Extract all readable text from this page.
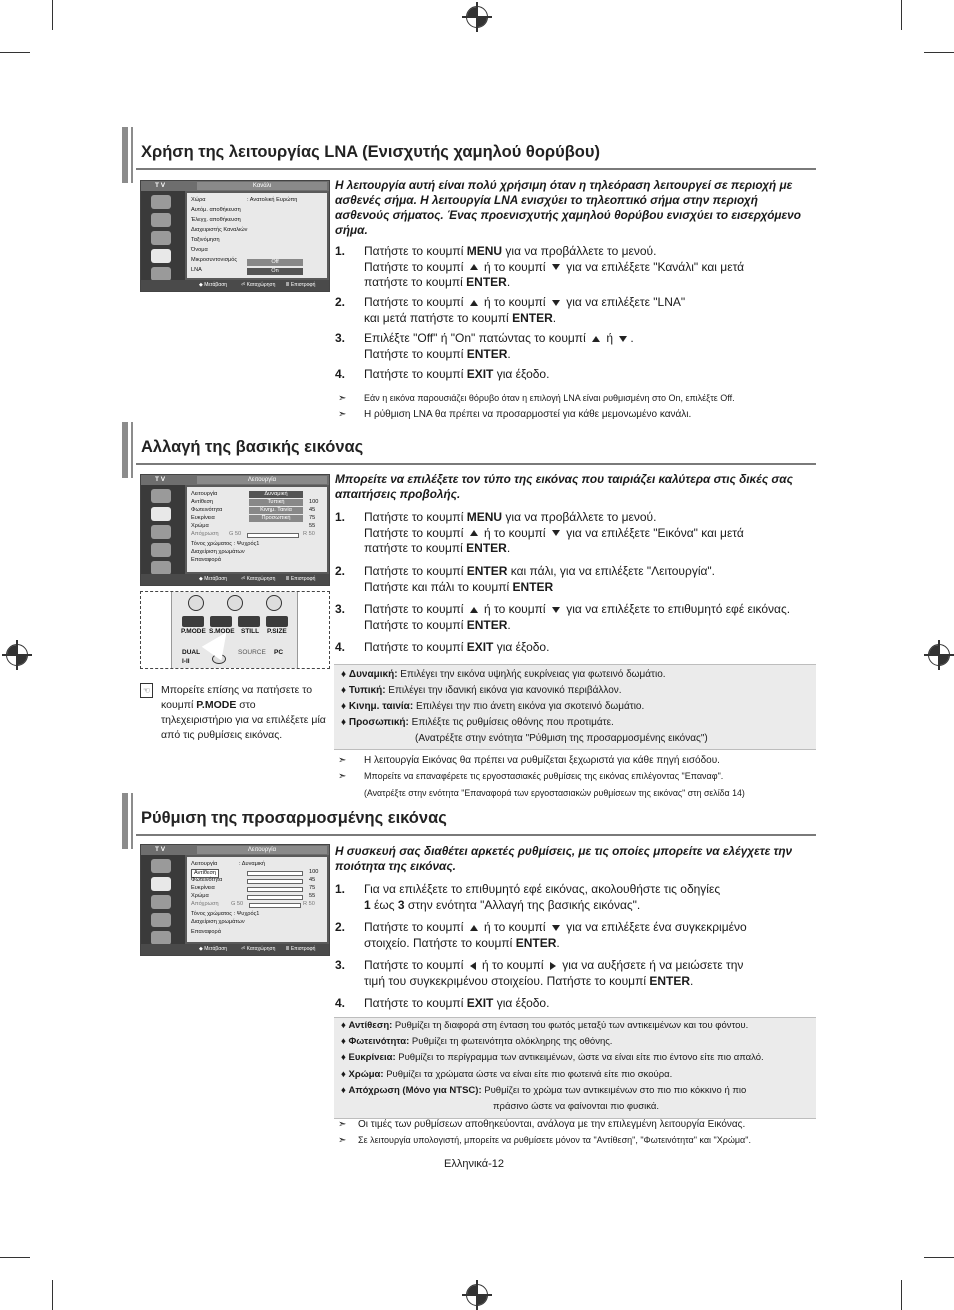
Χρήση της λειτουργίας LNA (Ενισχυτής χαμηλού θορύβου)
T V	Κανάλι
Χώρα	: Ανατολική Ευρώπη
Αυτόμ. αποθήκευση
Έλεγχ. αποθήκευση
Διαχειριστής Καναλιών
Ταξινόμηση
Όνομα
Μικροσυντονισμός
LNA
Off
On
◆ Μετάβαση	⏎ Καταχώρηση Ⅲ Επιστροφή
Η λειτουργία αυτή είναι πολύ χρήσιμη όταν η τηλεόραση λειτουργεί σε περιοχή με ασθενές σήμα. Η λειτουργία LNA ενισχύει το τηλεοπτικό σήμα στην περιοχή ασθενούς σήματος. Ένας προενισχυτής χαμηλού θορύβου ενισχύει το εισερχόμενο σήμα.
1. Πατήστε το κουμπί MENU για να προβάλλετε το μενού.
Πατήστε το κουμπί  ή το κουμπί  για να επιλέξετε "Κανάλι" και μετά
πατήστε το κουμπί ENTER.
2. Πατήστε το κουμπί  ή το κουμπί  για να επιλέξετε "LNA"
και μετά πατήστε το κουμπί ENTER.
3. Επιλέξτε "Off" ή "On" πατώντας το κουμπί  ή .
Πατήστε το κουμπί ENTER.
4. Πατήστε το κουμπί EXIT για έξοδο.
➣ Εάν η εικόνα παρουσιάζει θόρυβο όταν η επιλογή LNA είναι ρυθμισμένη στο On, επιλέξτε Off.
➣ Η ρύθμιση LNA θα πρέπει να προσαρμοστεί για κάθε μεμονωμένο κανάλι.
Αλλαγή της βασικής εικόνας
T V	Λειτουργία
Λειτουργία
Αντίθεση
Φωτεινότητα
Ευκρίνεια
Χρώμα
Απόχρωση
Τόνος χρώματος : Ψυχρός1
Διαχείριση χρωμάτων
Επαναφορά
Δυναμική
Τυπική
Κινημ. Ταινία
Προσωπική
100
45
75
55
G 50	R 50
◆ Μετάβαση	⏎ Καταχώρηση Ⅲ Επιστροφή
P.MODE S.MODE STILL P.SIZE
DUAL	SOURCE PC
I-II
☜ Μπορείτε επίσης να πατήσετε το κουμπί P.MODE στο τηλεχειριστήριο για να επιλέξετε μία από τις ρυθμίσεις εικόνας.
Μπορείτε να επιλέξετε τον τύπο της εικόνας που ταιριάζει καλύτερα στις δικές σας απαιτήσεις προβολής.
1. Πατήστε το κουμπί MENU για να προβάλλετε το μενού.
Πατήστε το κουμπί  ή το κουμπί  για να επιλέξετε "Εικόνα" και μετά
πατήστε το κουμπί ENTER.
2. Πατήστε το κουμπί ENTER και πάλι, για να επιλέξετε "Λειτουργία".
Πατήστε και πάλι το κουμπί ENTER
3. Πατήστε το κουμπί  ή το κουμπί  για να επιλέξετε το επιθυμητό εφέ εικόνας.
Πατήστε το κουμπί ENTER.
4. Πατήστε το κουμπί EXIT για έξοδο.
♦ Δυναμική: Επιλέγει την εικόνα υψηλής ευκρίνειας για φωτεινό δωμάτιο.
♦ Τυπική: Επιλέγει την ιδανική εικόνα για κανονικό περιβάλλον.
♦ Κινημ. ταινία: Επιλέγει την πιο άνετη εικόνα για σκοτεινό δωμάτιο.
♦ Προσωπική: Επιλέξτε τις ρυθμίσεις οθόνης που προτιμάτε.
(Ανατρέξτε στην ενότητα "Ρύθμιση της προσαρμοσμένης εικόνας")
➣ Η λειτουργία Εικόνας θα πρέπει να ρυθμίζεται ξεχωριστά για κάθε πηγή εισόδου.
➣ Μπορείτε να επαναφέρετε τις εργοστασιακές ρυθμίσεις της εικόνας επιλέγοντας "Επαναφ".
(Ανατρέξτε στην ενότητα "Επαναφορά των εργοστασιακών ρυθμίσεων της εικόνας" στη σελίδα 14)
Ρύθμιση της προσαρμοσμένης εικόνας
T V	Λειτουργία
Λειτουργία	: Δυναμική
Αντίθεση
Φωτεινότητα
Ευκρίνεια
Χρώμα
Απόχρωση
Τόνος χρώματος : Ψυχρός1
Διαχείριση χρωμάτων
Επαναφορά
100
45
75
55
G 50	R 50
◆ Μετάβαση	⏎ Καταχώρηση Ⅲ Επιστροφή
Η συσκευή σας διαθέτει αρκετές ρυθμίσεις, με τις οποίες μπορείτε να ελέγχετε την ποιότητα της εικόνας.
1. Για να επιλέξετε το επιθυμητό εφέ εικόνας, ακολουθήστε τις οδηγίες
1 έως 3 στην ενότητα "Αλλαγή της βασικής εικόνας".
2. Πατήστε το κουμπί  ή το κουμπί  για να επιλέξετε ένα συγκεκριμένο
στοιχείο. Πατήστε το κουμπί ENTER.
3. Πατήστε το κουμπί  ή το κουμπί  για να αυξήσετε ή να μειώσετε την
τιμή του συγκεκριμένου στοιχείου. Πατήστε το κουμπί ENTER.
4. Πατήστε το κουμπί EXIT για έξοδο.
♦ Αντίθεση: Ρυθμίζει τη διαφορά στη ένταση του φωτός μεταξύ των αντικειμένων και του φόντου.
♦ Φωτεινότητα: Ρυθμίζει τη φωτεινότητα ολόκληρης της οθόνης.
♦ Ευκρίνεια: Ρυθμίζει το περίγραμμα των αντικειμένων, ώστε να είναι είτε πιο έντονο είτε πιο απαλό.
♦ Χρώμα: Ρυθμίζει τα χρώματα ώστε να είναι είτε πιο φωτεινά είτε πιο σκούρα.
♦ Απόχρωση (Μόνο για NTSC): Ρυθμίζει το χρώμα των αντικειμένων στο πιο πιο κόκκινο ή πιο
πράσινο ώστε να φαίνονται πιο φυσικά.
➣ Οι τιμές των ρυθμίσεων αποθηκεύονται, ανάλογα με την επιλεγμένη λειτουργία Εικόνας.
➣ Σε λειτουργία υπολογιστή, μπορείτε να ρυθμίσετε μόνον τα "Αντίθεση", "Φωτεινότητα" και "Χρώμα".
Ελληνικά-12
